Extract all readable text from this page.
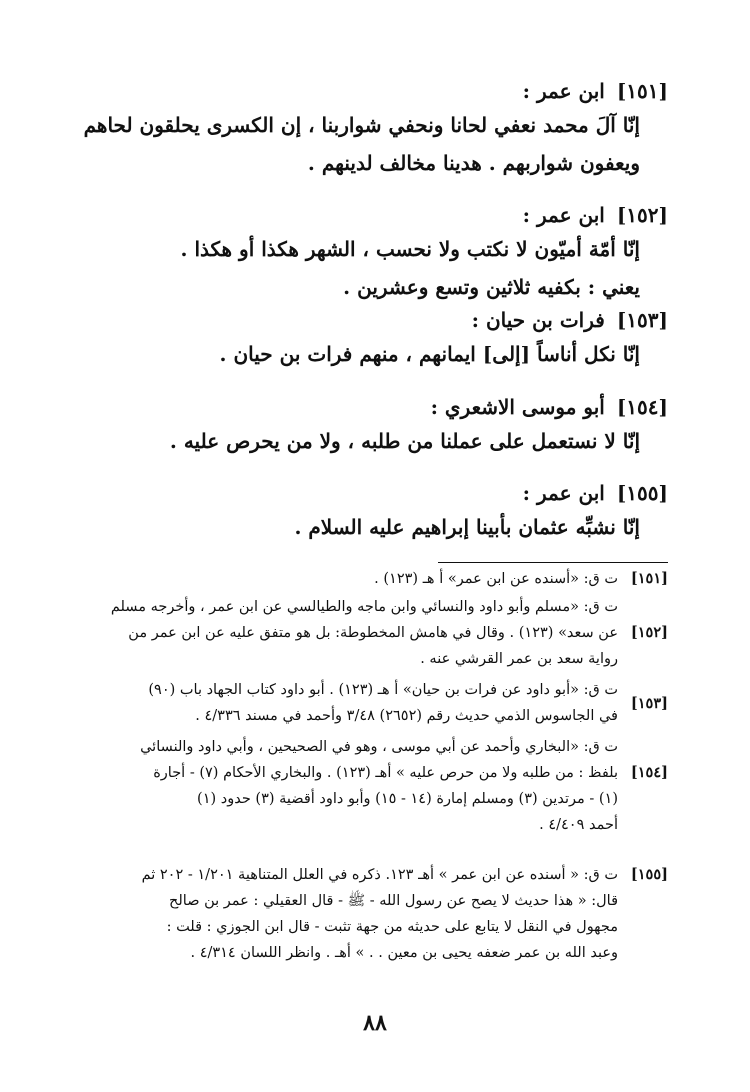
[١٥١]ابن عمر :
إنّا آلَ محمد نعفي لحانا ونحفي شواربنا ، إن الكسرى يحلقون لحاهم
ويعفون شواربهم . هدينا مخالف لدينهم .
[١٥٢]ابن عمر :
إنّا أمّة أميّون لا نكتب ولا نحسب ، الشهر هكذا أو هكذا .
يعني : بكفيه ثلاثين وتسع وعشرين .
[١٥٣]فرات بن حيان :
إنّا نكل أناساً [إلى] ايمانهم ، منهم فرات بن حيان .
[١٥٤]أبو موسى الاشعري :
إنّا لا نستعمل على عملنا من طلبه ، ولا من يحرص عليه .
[١٥٥]ابن عمر :
إنّا نشبِّه عثمان بأبينا إبراهيم عليه السلام .
[١٥١]
ت ق: «أسنده عن ابن عمر» أ هـ (١٢٣) .
[١٥٢]
ت ق: «مسلم وأبو داود والنسائي وابن ماجه والطيالسي عن ابن عمر ، وأخرجه مسلم
عن سعد» (١٢٣) . وقال في هامش المخطوطة: بل هو متفق عليه عن ابن عمر من
رواية سعد بن عمر القرشي عنه .
[١٥٣]
ت ق: «أبو داود عن فرات بن حيان» أ هـ (١٢٣) . أبو داود كتاب الجهاد باب (٩٠)
في الجاسوس الذمي حديث رقم (٢٦٥٢) ٣/٤٨ وأحمد في مسند ٤/٣٣٦ .
[١٥٤]
ت ق: «البخاري وأحمد عن أبي موسى ، وهو في الصحيحين ، وأبي داود والنسائي
بلفظ : من طلبه ولا من حرص عليه » أهـ (١٢٣) . والبخاري الأحكام (٧) - أجارة
(١) - مرتدين (٣) ومسلم إمارة (١٤ - ١٥) وأبو داود أقضية (٣) حدود (١)
أحمد ٤/٤٠٩ .
[١٥٥]
ت ق: « أسنده عن ابن عمر » أهـ ١٢٣. ذكره في العلل المتناهية ١/٢٠١ - ٢٠٢ ثم
قال: « هذا حديث لا يصح عن رسول الله - ﷺ - قال العقيلي : عمر بن صالح
مجهول في النقل لا يتابع على حديثه من جهة تثبت - قال ابن الجوزي : قلت :
وعبد الله بن عمر ضعفه يحيى بن معين . . » أهـ . وانظر اللسان ٤/٣١٤ .
٨٨
